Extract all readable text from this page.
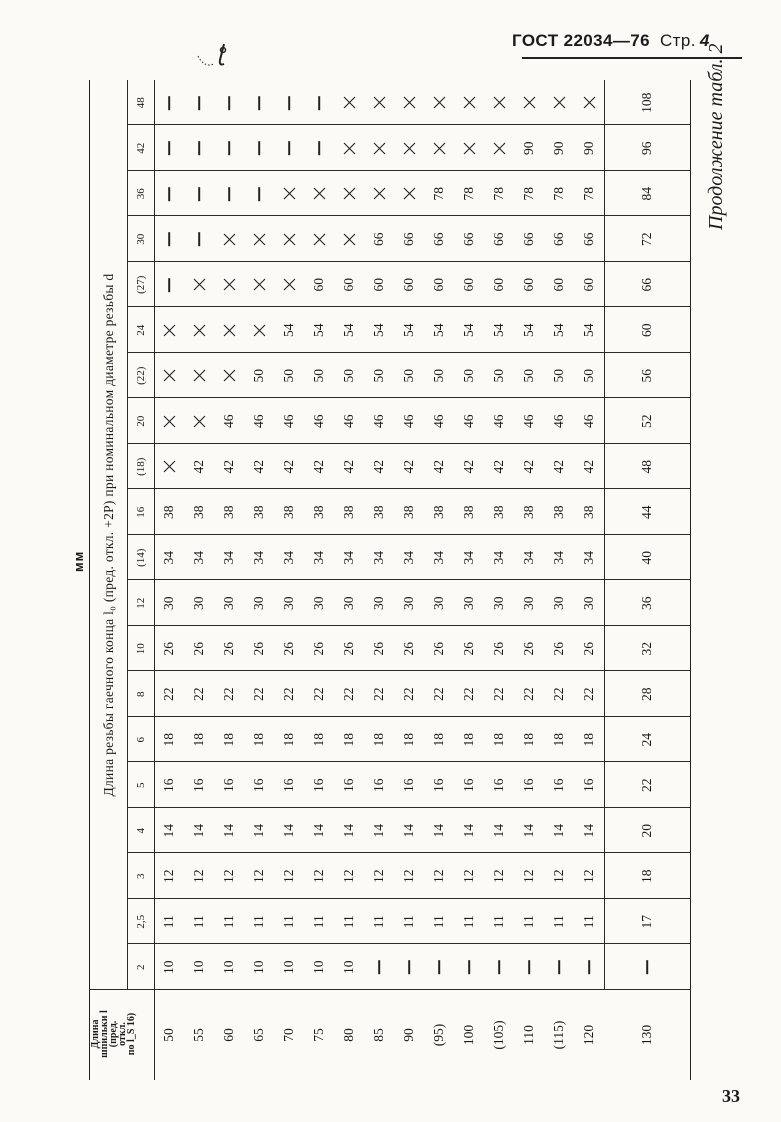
ГОСТ 22034—76 Стр. 4
33
Продолжение табл. 2
мм
Длина
шпильки l
(пред.
откл.
по l_S 16)
Длина резьбы гаечного конца l₀ (пред. откл. +2P) при номинальном диаметре резьбы d
2
2,5
3
4
5
6
8
10
12
(14)
16
(18)
20
(22)
24
(27)
30
36
42
48
50
10
11
12
14
16
18
22
26
30
34
38
55
10
11
12
14
16
18
22
26
30
34
38
42
60
10
11
12
14
16
18
22
26
30
34
38
42
46
65
10
11
12
14
16
18
22
26
30
34
38
42
46
50
70
10
11
12
14
16
18
22
26
30
34
38
42
46
50
54
75
10
11
12
14
16
18
22
26
30
34
38
42
46
50
54
60
80
10
11
12
14
16
18
22
26
30
34
38
42
46
50
54
60
85
11
12
14
16
18
22
26
30
34
38
42
46
50
54
60
66
90
11
12
14
16
18
22
26
30
34
38
42
46
50
54
60
66
(95)
11
12
14
16
18
22
26
30
34
38
42
46
50
54
60
66
78
100
11
12
14
16
18
22
26
30
34
38
42
46
50
54
60
66
78
(105)
11
12
14
16
18
22
26
30
34
38
42
46
50
54
60
66
78
110
11
12
14
16
18
22
26
30
34
38
42
46
50
54
60
66
78
90
(115)
11
12
14
16
18
22
26
30
34
38
42
46
50
54
60
66
78
90
120
11
12
14
16
18
22
26
30
34
38
42
46
50
54
60
66
78
90
130
17
18
20
22
24
28
32
36
40
44
48
52
56
60
66
72
84
96
108
